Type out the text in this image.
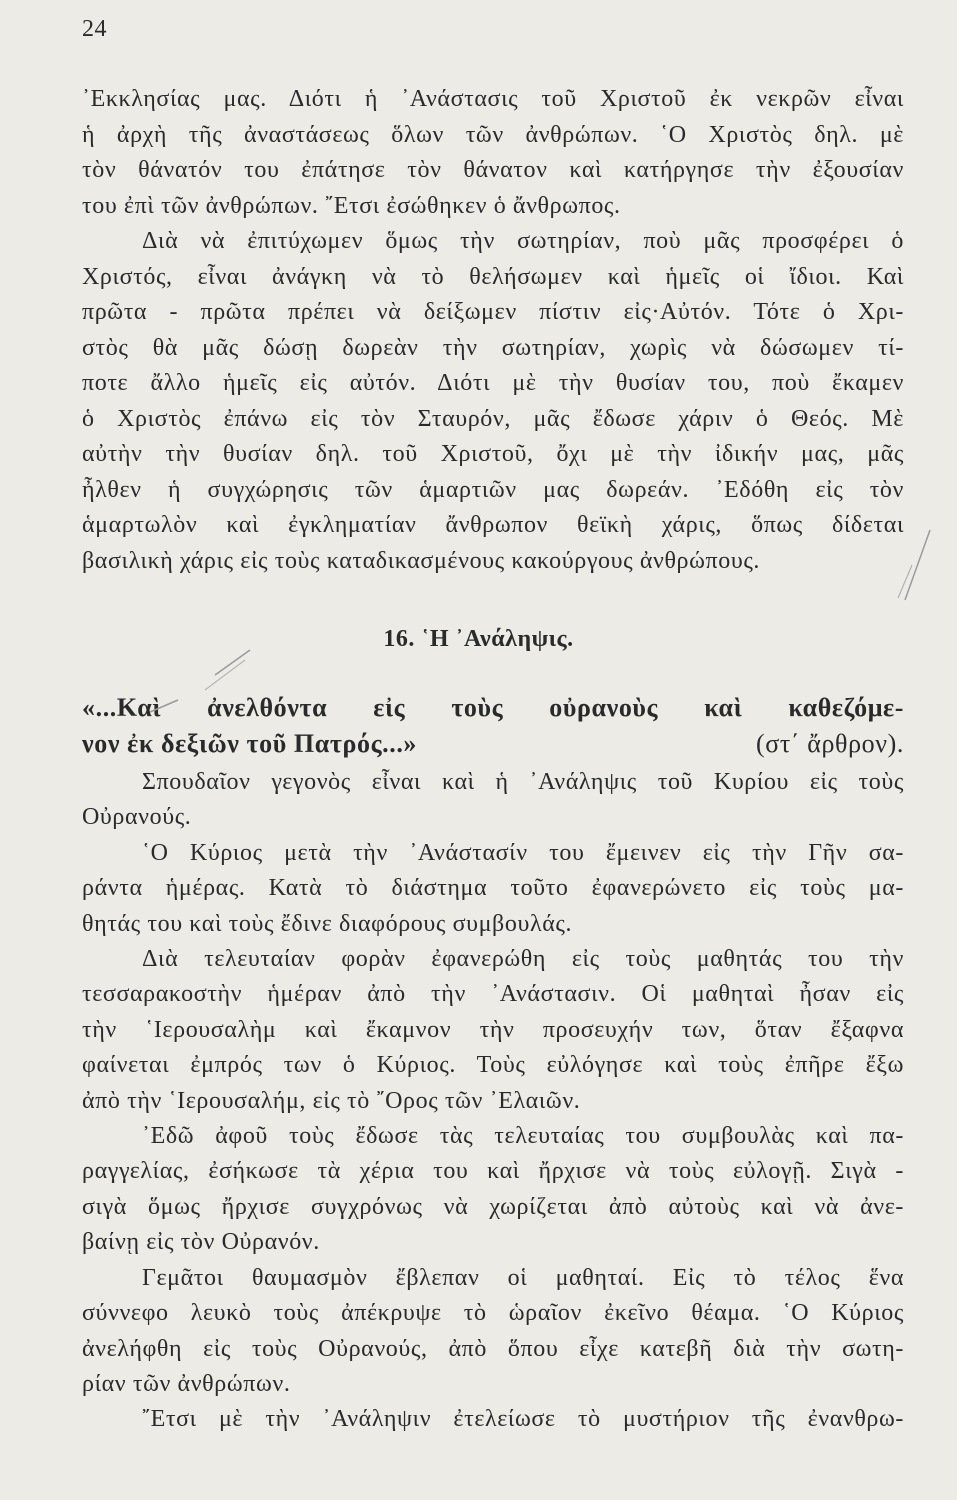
24
᾿Εκκλησίας μας. Διότι ἡ ᾿Ανάστασις τοῦ Χριστοῦ ἐκ νεκρῶν εἶναι
ἡ ἀρχὴ τῆς ἀναστάσεως ὅλων τῶν ἀνθρώπων. ῾Ο Χριστὸς δηλ. μὲ
τὸν θάνατόν του ἐπάτησε τὸν θάνατον καὶ κατήργησε τὴν ἐξουσίαν
του ἐπὶ τῶν ἀνθρώπων. ῎Ετσι ἐσώθηκεν ὁ ἄνθρωπος.
Διὰ νὰ ἐπιτύχωμεν ὅμως τὴν σωτηρίαν, ποὺ μᾶς προσφέρει ὁ
Χριστός, εἶναι ἀνάγκη νὰ τὸ θελήσωμεν καὶ ἡμεῖς οἱ ἴδιοι. Καὶ
πρῶτα - πρῶτα πρέπει νὰ δείξωμεν πίστιν εἰς·Αὐτόν. Τότε ὁ Χρι-
στὸς θὰ μᾶς δώσῃ δωρεὰν τὴν σωτηρίαν, χωρὶς νὰ δώσωμεν τί-
ποτε ἄλλο ἡμεῖς εἰς αὐτόν. Διότι μὲ τὴν θυσίαν του, ποὺ ἔκαμεν
ὁ Χριστὸς ἐπάνω εἰς τὸν Σταυρόν, μᾶς ἔδωσε χάριν ὁ Θεός. Μὲ
αὐτὴν τὴν θυσίαν δηλ. τοῦ Χριστοῦ, ὄχι μὲ τὴν ἰδικήν μας, μᾶς
ἦλθεν ἡ συγχώρησις τῶν ἁμαρτιῶν μας δωρεάν. ᾿Εδόθη εἰς τὸν
ἁμαρτωλὸν καὶ ἐγκληματίαν ἄνθρωπον θεϊκὴ χάρις, ὅπως δίδεται
βασιλικὴ χάρις εἰς τοὺς καταδικασμένους κακούργους ἀνθρώπους.
16. ῾Η ᾿Ανάληψις.
«...Καὶ ἀνελθόντα εἰς τοὺς οὐρανοὺς καὶ καθεζόμε-
νον ἐκ δεξιῶν τοῦ Πατρός...»	(στ΄ ἄρθρον).
Σπουδαῖον γεγονὸς εἶναι καὶ ἡ ᾿Ανάληψις τοῦ Κυρίου εἰς τοὺς
Οὐρανούς.
῾Ο Κύριος μετὰ τὴν ᾿Ανάστασίν του ἔμεινεν εἰς τὴν Γῆν σα-
ράντα ἡμέρας. Κατὰ τὸ διάστημα τοῦτο ἐφανερώνετο εἰς τοὺς μα-
θητάς του καὶ τοὺς ἔδινε διαφόρους συμβουλάς.
Διὰ τελευταίαν φορὰν ἐφανερώθη εἰς τοὺς μαθητάς του τὴν
τεσσαρακοστὴν ἡμέραν ἀπὸ τὴν ᾿Ανάστασιν. Οἱ μαθηταὶ ἦσαν εἰς
τὴν ῾Ιερουσαλὴμ καὶ ἔκαμνον τὴν προσευχήν των, ὅταν ἔξαφνα
φαίνεται ἐμπρός των ὁ Κύριος. Τοὺς εὐλόγησε καὶ τοὺς ἐπῆρε ἔξω
ἀπὸ τὴν ῾Ιερουσαλήμ, εἰς τὸ ῎Ορος τῶν ᾿Ελαιῶν.
᾿Εδῶ ἀφοῦ τοὺς ἔδωσε τὰς τελευταίας του συμβουλὰς καὶ πα-
ραγγελίας, ἐσήκωσε τὰ χέρια του καὶ ἤρχισε νὰ τοὺς εὐλογῇ. Σιγὰ -
σιγὰ ὅμως ἤρχισε συγχρόνως νὰ χωρίζεται ἀπὸ αὐτοὺς καὶ νὰ ἀνε-
βαίνῃ εἰς τὸν Οὐρανόν.
Γεμᾶτοι θαυμασμὸν ἔβλεπαν οἱ μαθηταί. Εἰς τὸ τέλος ἕνα
σύννεφο λευκὸ τοὺς ἀπέκρυψε τὸ ὡραῖον ἐκεῖνο θέαμα. ῾Ο Κύριος
ἀνελήφθη εἰς τοὺς Οὐρανούς, ἀπὸ ὅπου εἶχε κατεβῆ διὰ τὴν σωτη-
ρίαν τῶν ἀνθρώπων.
῎Ετσι μὲ τὴν ᾿Ανάληψιν ἐτελείωσε τὸ μυστήριον τῆς ἐνανθρω-
